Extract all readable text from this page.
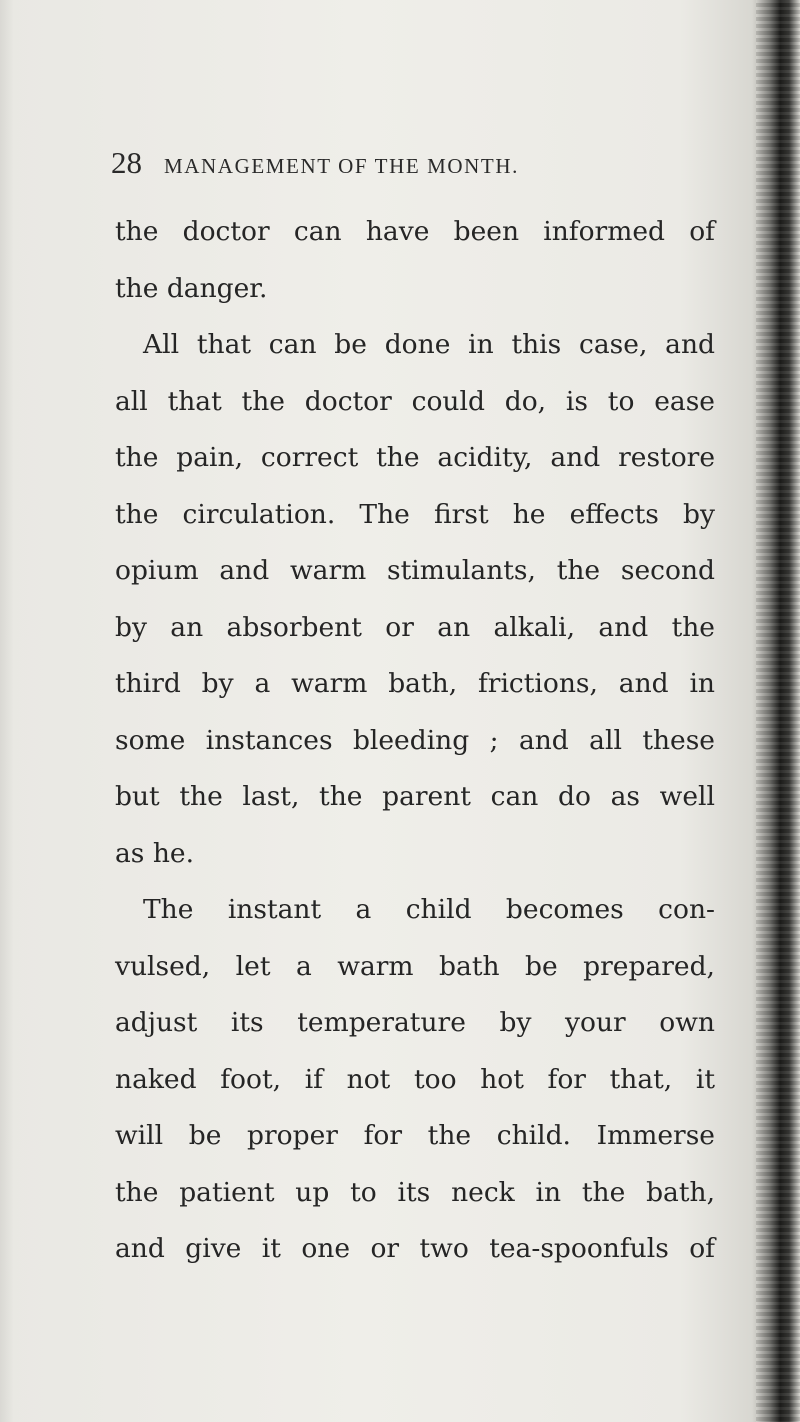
28 MANAGEMENT OF THE MONTH.
the doctor can have been informed of
the danger.
All that can be done in this case, and
all that the doctor could do, is to ease
the pain, correct the acidity, and restore
the circulation. The first he effects by
opium and warm stimulants, the second
by an absorbent or an alkali, and the
third by a warm bath, frictions, and in
some instances bleeding ; and all these
but the last, the parent can do as well
as he.
The instant a child becomes con-
vulsed, let a warm bath be prepared,
adjust its temperature by your own
naked foot, if not too hot for that, it
will be proper for the child. Immerse
the patient up to its neck in the bath,
and give it one or two tea-spoonfuls of
